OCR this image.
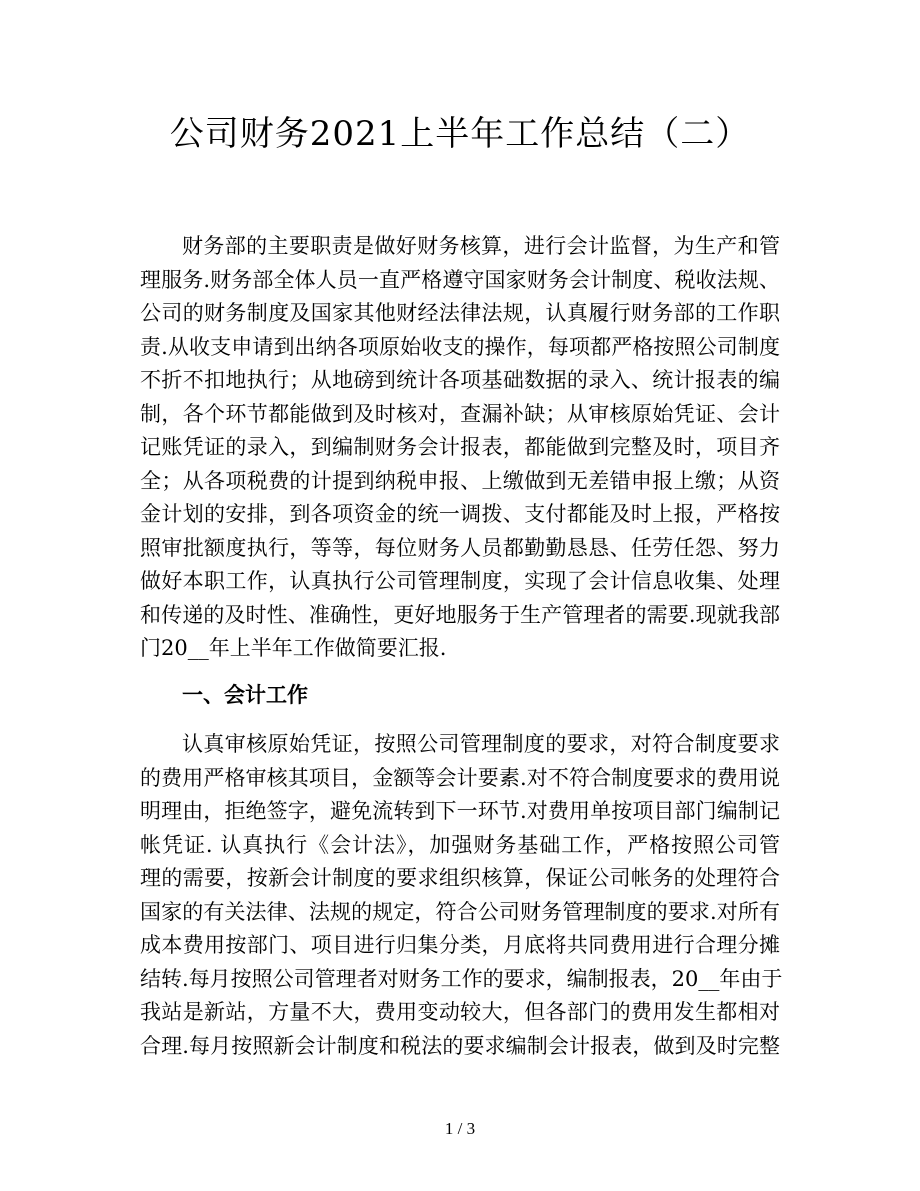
公司财务2021上半年工作总结（二）
财务部的主要职责是做好财务核算，进行会计监督，为生产和管
理服务.财务部全体人员一直严格遵守国家财务会计制度、税收法规、
公司的财务制度及国家其他财经法律法规，认真履行财务部的工作职
责.从收支申请到出纳各项原始收支的操作，每项都严格按照公司制度
不折不扣地执行；从地磅到统计各项基础数据的录入、统计报表的编
制，各个环节都能做到及时核对，查漏补缺；从审核原始凭证、会计
记账凭证的录入，到编制财务会计报表，都能做到完整及时，项目齐
全；从各项税费的计提到纳税申报、上缴做到无差错申报上缴；从资
金计划的安排，到各项资金的统一调拨、支付都能及时上报，严格按
照审批额度执行，等等，每位财务人员都勤勤恳恳、任劳任怨、努力
做好本职工作，认真执行公司管理制度，实现了会计信息收集、处理
和传递的及时性、准确性，更好地服务于生产管理者的需要.现就我部
门20__年上半年工作做简要汇报.
一、会计工作
认真审核原始凭证，按照公司管理制度的要求，对符合制度要求
的费用严格审核其项目，金额等会计要素.对不符合制度要求的费用说
明理由，拒绝签字，避免流转到下一环节.对费用单按项目部门编制记
帐凭证. 认真执行《会计法》，加强财务基础工作，严格按照公司管
理的需要，按新会计制度的要求组织核算，保证公司帐务的处理符合
国家的有关法律、法规的规定，符合公司财务管理制度的要求.对所有
成本费用按部门、项目进行归集分类，月底将共同费用进行合理分摊
结转.每月按照公司管理者对财务工作的要求，编制报表，20__年由于
我站是新站，方量不大，费用变动较大，但各部门的费用发生都相对
合理.每月按照新会计制度和税法的要求编制会计报表，做到及时完整
1 / 3
